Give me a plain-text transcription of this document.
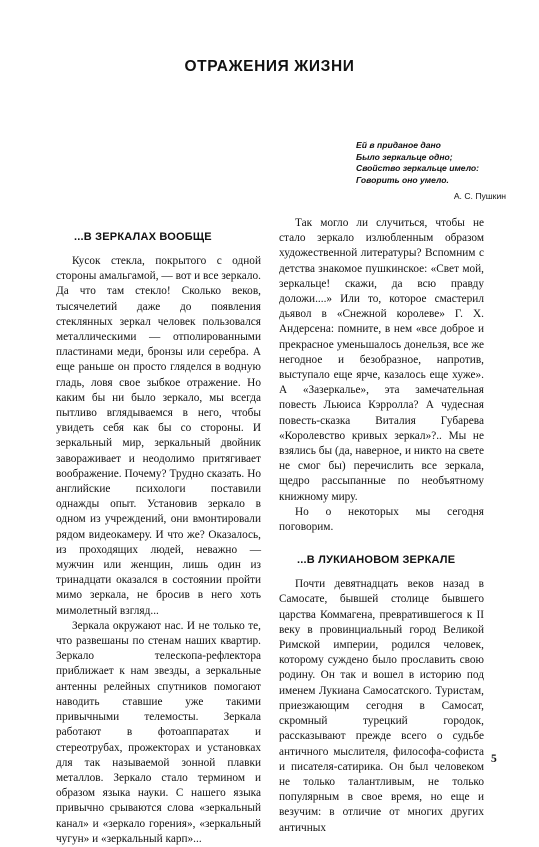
ОТРАЖЕНИЯ ЖИЗНИ
Ей в приданое дано
Было зеркальце одно;
Свойство зеркальце имело:
Говорить оно умело.
А. С. Пушкин
...В ЗЕРКАЛАХ ВООБЩЕ

Кусок стекла, покрытого с одной стороны амальгамой, — вот и все зеркало. Да что там стекло! Сколько веков, тысячелетий даже до появления стеклянных зеркал человек пользовался металлическими — отполированными пластинами меди, бронзы или серебра. А еще раньше он просто гляделся в водную гладь, ловя свое зыбкое отражение. Но каким бы ни было зеркало, мы всегда пытливо вглядываемся в него, чтобы увидеть себя как бы со стороны. И зеркальный мир, зеркальный двойник завораживает и неодолимо притягивает воображение. Почему? Трудно сказать. Но английские психологи поставили однажды опыт. Установив зеркало в одном из учреждений, они вмонтировали рядом видеокамеру. И что же? Оказалось, из проходящих людей, неважно — мужчин или женщин, лишь один из тринадцати оказался в состоянии пройти мимо зеркала, не бросив в него хоть мимолетный взгляд...

Зеркала окружают нас. И не только те, что развешаны по стенам наших квартир. Зеркало телескопа-рефлектора приближает к нам звезды, а зеркальные антенны релейных спутников помогают наводить ставшие уже такими привычными телемосты. Зеркала работают в фотоаппаратах и стереотрубах, прожекторах и установках для так называемой зонной плавки металлов. Зеркало стало термином и образом языка науки. С нашего языка привычно срываются слова «зеркальный канал» и «зеркало горения», «зеркальный чугун» и «зеркальный карп»...

Так могло ли случиться, чтобы не стало зеркало излюбленным образом художественной литературы? Вспомним с детства знакомое пушкинское: «Свет мой, зеркальце! скажи, да всю правду доложи....» Или то, которое смастерил дьявол в «Снежной королеве» Г. Х. Андерсена: помните, в нем «все доброе и прекрасное уменьшалось донельзя, все же негодное и безобразное, напротив, выступало еще ярче, казалось еще хуже». А «Зазеркалье», эта замечательная повесть Льюиса Кэрролла? А чудесная повесть-сказка Виталия Губарева «Королевство кривых зеркал»?.. Мы не взялись бы (да, наверное, и никто на свете не смог бы) перечислить все зеркала, щедро рассыпанные по необъятному книжному миру.

Но о некоторых мы сегодня поговорим.

...В ЛУКИАНОВОМ ЗЕРКАЛЕ

Почти девятнадцать веков назад в Самосате, бывшей столице бывшего царства Коммагена, превратившегося к II веку в провинциальный город Великой Римской империи, родился человек, которому суждено было прославить свою родину. Он так и вошел в историю под именем Лукиана Самосатского. Туристам, приезжающим сегодня в Самосат, скромный турецкий городок, рассказывают прежде всего о судьбе античного мыслителя, философа-софиста и писателя-сатирика. Он был человеком не только талантливым, не только популярным в свое время, но еще и везучим: в отличие от многих других античных

5
